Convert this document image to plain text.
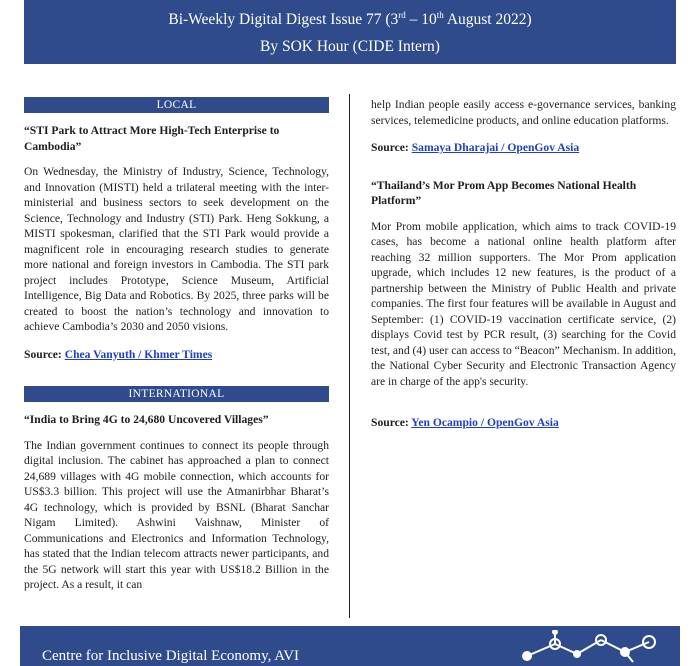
Bi-Weekly Digital Digest Issue 77 (3rd – 10th August 2022)
By SOK Hour (CIDE Intern)
LOCAL
“STI Park to Attract More High-Tech Enterprise to Cambodia”

On Wednesday, the Ministry of Industry, Science, Technology, and Innovation (MISTI) held a trilateral meeting with the inter-ministerial and business sectors to seek development on the Science, Technology and Industry (STI) Park. Heng Sokkung, a MISTI spokesman, clarified that the STI Park would provide a magnificent role in encouraging research studies to generate more national and foreign investors in Cambodia. The STI park project includes Prototype, Science Museum, Artificial Intelligence, Big Data and Robotics. By 2025, three parks will be created to boost the nation’s technology and innovation to achieve Cambodia’s 2030 and 2050 visions.

Source: Chea Vanyuth / Khmer Times

INTERNATIONAL
“India to Bring 4G to 24,680 Uncovered Villages”

The Indian government continues to connect its people through digital inclusion. The cabinet has approached a plan to connect 24,689 villages with 4G mobile connection, which accounts for US$3.3 billion. This project will use the Atmanirbhar Bharat’s 4G technology, which is provided by BSNL (Bharat Sanchar Nigam Limited). Ashwini Vaishnaw, Minister of Communications and Electronics and Information Technology, has stated that the Indian telecom attracts newer participants, and the 5G network will start this year with US$18.2 Billion in the project. As a result, it can

help Indian people easily access e-governance services, banking services, telemedicine products, and online education platforms.

Source: Samaya Dharajai / OpenGov Asia

“Thailand’s Mor Prom App Becomes National Health Platform”

Mor Prom mobile application, which aims to track COVID-19 cases, has become a national online health platform after reaching 32 million supporters. The Mor Prom application upgrade, which includes 12 new features, is the product of a partnership between the Ministry of Public Health and private companies. The first four features will be available in August and September: (1) COVID-19 vaccination certificate service, (2) displays Covid test by PCR result, (3) searching for the Covid test, and (4) user can access to “Beacon” Mechanism. In addition, the National Cyber Security and Electronic Transaction Agency are in charge of the app's security.

Source: Yen Ocampio / OpenGov Asia

Centre for Inclusive Digital Economy, AVI
